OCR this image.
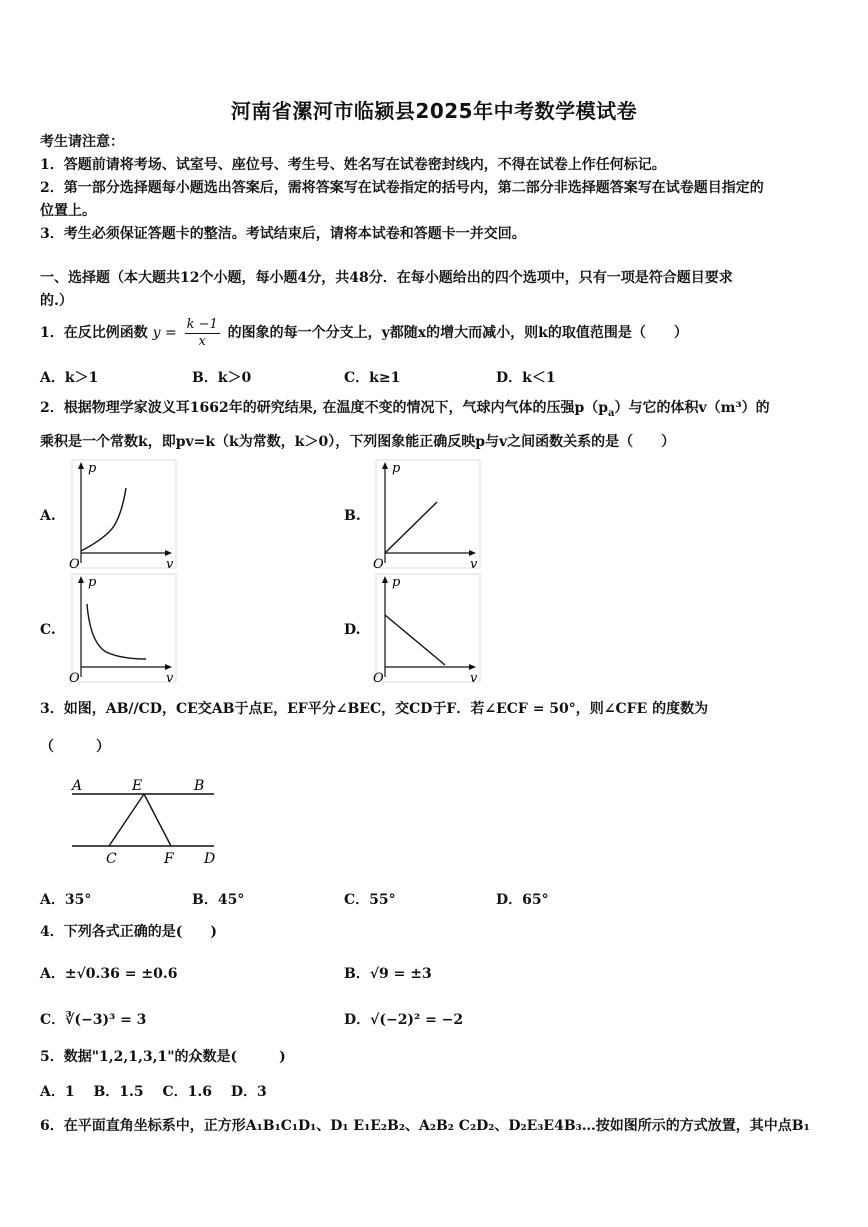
河南省漯河市临颍县2025年中考数学模试卷
考生请注意：
1．答题前请将考场、试室号、座位号、考生号、姓名写在试卷密封线内，不得在试卷上作任何标记。
2．第一部分选择题每小题选出答案后，需将答案写在试卷指定的括号内，第二部分非选择题答案写在试卷题目指定的
位置上。
3．考生必须保证答题卡的整洁。考试结束后，请将本试卷和答题卡一并交回。
一、选择题（本大题共12个小题，每小题4分，共48分．在每小题给出的四个选项中，只有一项是符合题目要求
的.）
1．在反比例函数 $y = \frac{k -1}{x}$ 的图象的每一个分支上，y都随x的增大而减小，则k的取值范围是（　　）
A．k＞1	B．k＞0	C．k≥1	D．k＜1
2．根据物理学家波义耳1662年的研究结果, 在温度不变的情况下，气球内气体的压强$p(p_a)$与它的体积v（m³）的
乘积是一个常数k，即pv=k（k为常数，k＞0），下列图象能正确反映p与v之间函数关系的是（　　）
A.
p
v
O
B.
p
v
O
C.
p
v
O
D.
p
v
O
3．如图，AB//CD，CE交AB于点E，EF平分∠BEC，交CD于F．若∠ECF = 50°，则∠CFE 的度数为
（　　　）
A	E	B
C	F D
A．35°	B．45°	C．55°	D．65°
4．下列各式正确的是(　　)
A．±√0.36 = ±0.6	B．√9 = ±3
C．∛(−3)³ = 3	D．√(−2)² = −2
5．数据"1,2,1,3,1"的众数是(　　　)
A．1　 B．1.5　 C．1.6　 D．3
6．在平面直角坐标系中，正方形A₁B₁C₁D₁、D₁ E₁E₂B₂、A₂B₂ C₂D₂、D₂E₃E4B₃…按如图所示的方式放置，其中点B₁
